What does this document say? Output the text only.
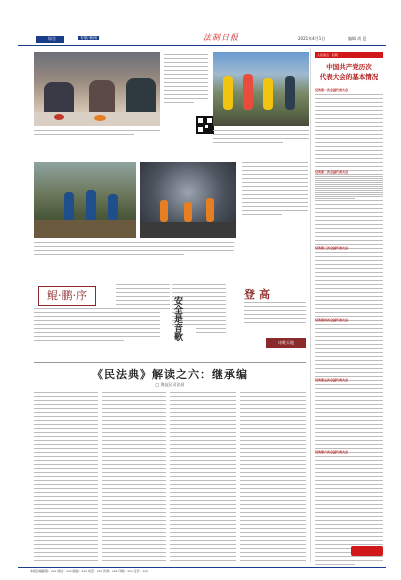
综合	专版·新闻	法制日报	2021年4月1日	编辑 尚 邑
鲲·鹏·序
安全是音歌
登高
诗歌天地
《民法典》解读之六：继承编
□ 海淀区司法局
人民视点 · 回顾
中国共产党历次
代表大会的基本情况
党的第一次全国代表大会
党的第二次全国代表大会
党的第三次全国代表大会
党的第四次全国代表大会
党的第五次全国代表大会
党的第六次全国代表大会
本版投稿邮箱：xxx 地址：xxx 邮编：xxx 电话：xxx 传真：xxx 印刷：xxx 定价：xxx
